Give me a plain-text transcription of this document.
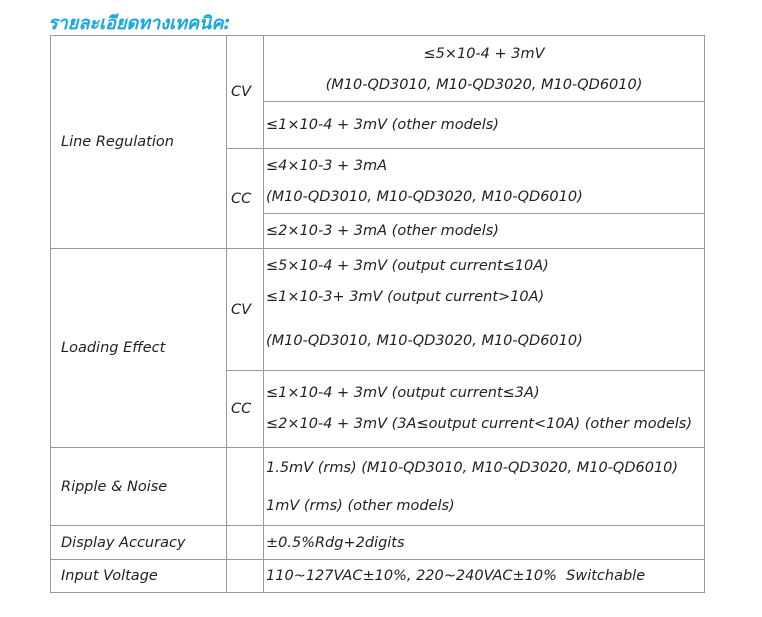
รายละเอียดทางเทคนิค:
Line Regulation	CV	≤5×10-4 + 3mV
(M10-QD3010, M10-QD3020, M10-QD6010)

		≤1×10-4 + 3mV (other models)

	CC	≤4×10-3 + 3mA
(M10-QD3010, M10-QD3020, M10-QD6010)

		≤2×10-3 + 3mA (other models)

Loading Effect	CV	≤5×10-4 + 3mV (output current≤10A)
≤1×10-3+ 3mV (output current>10A)
(M10-QD3010, M10-QD3020, M10-QD6010)

	CC	≤1×10-4 + 3mV (output current≤3A)
≤2×10-4 + 3mV (3A≤output current<10A) (other models)

Ripple & Noise		1.5mV (rms) (M10-QD3010, M10-QD3020, M10-QD6010)
1mV (rms) (other models)

Display Accuracy		±0.5%Rdg+2digits
Input Voltage		110~127VAC±10%, 220~240VAC±10%  Switchable
